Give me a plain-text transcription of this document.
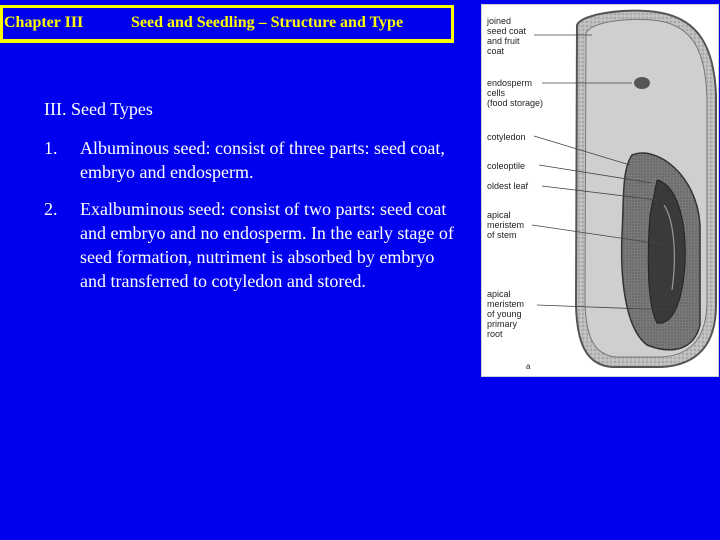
Chapter III	Seed and Seedling – Structure and Type
III. Seed Types
1. Albuminous seed: consist of three parts: seed coat, embryo and endosperm.
2. Exalbuminous seed: consist of two parts: seed coat and embryo and no endosperm. In the early stage of seed formation, nutriment is absorbed by embryo and transferred to cotyledon and stored.
joined
seed coat
and fruit
coat
endosperm
cells
(food storage)
cotyledon
coleoptile
oldest leaf
apical
meristem
of stem
apical
meristem
of young
primary
root
a
